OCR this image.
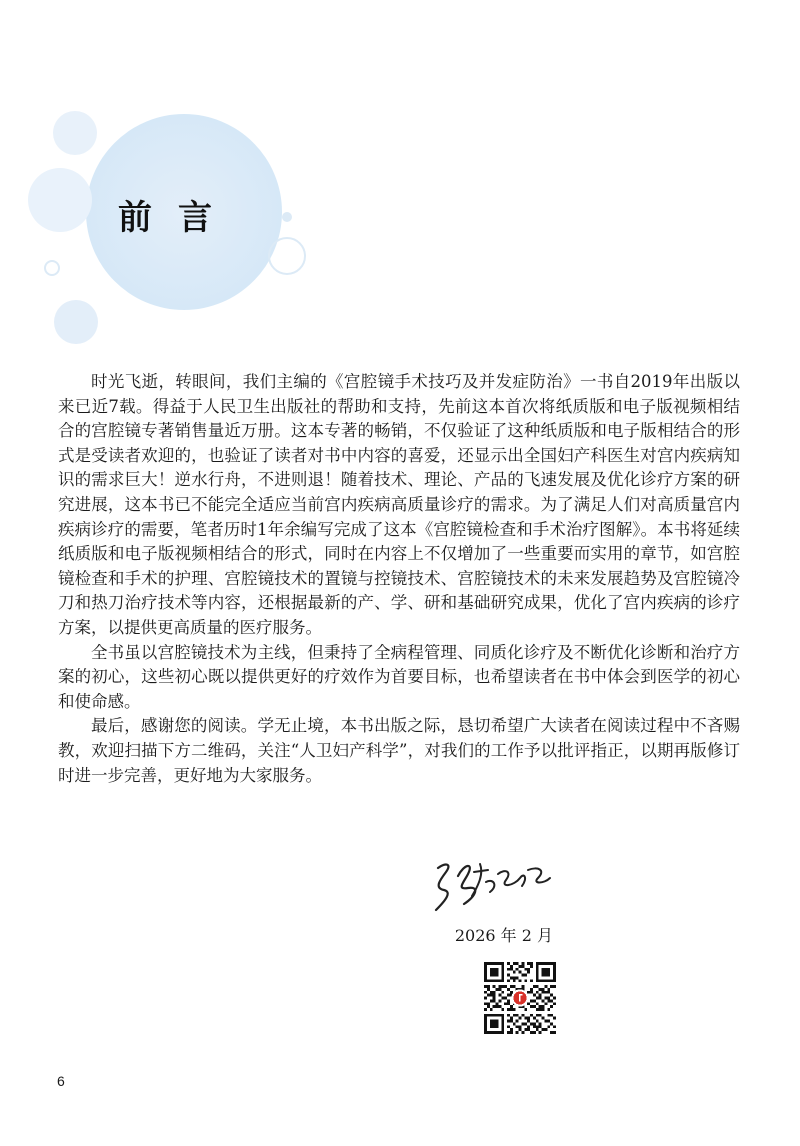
前言

时光飞逝，转眼间，我们主编的《宫腔镜手术技巧及并发症防治》一书自2019年出版以来已近7载。得益于人民卫生出版社的帮助和支持，先前这本首次将纸质版和电子版视频相结合的宫腔镜专著销售量近万册。这本专著的畅销，不仅验证了这种纸质版和电子版相结合的形式是受读者欢迎的，也验证了读者对书中内容的喜爱，还显示出全国妇产科医生对宫内疾病知识的需求巨大！逆水行舟，不进则退！随着技术、理论、产品的飞速发展及优化诊疗方案的研究进展，这本书已不能完全适应当前宫内疾病高质量诊疗的需求。为了满足人们对高质量宫内疾病诊疗的需要，笔者历时1年余编写完成了这本《宫腔镜检查和手术治疗图解》。本书将延续纸质版和电子版视频相结合的形式，同时在内容上不仅增加了一些重要而实用的章节，如宫腔镜检查和手术的护理、宫腔镜技术的置镜与控镜技术、宫腔镜技术的未来发展趋势及宫腔镜冷刀和热刀治疗技术等内容，还根据最新的产、学、研和基础研究成果，优化了宫内疾病的诊疗方案，以提供更高质量的医疗服务。

全书虽以宫腔镜技术为主线，但秉持了全病程管理、同质化诊疗及不断优化诊断和治疗方案的初心，这些初心既以提供更好的疗效作为首要目标，也希望读者在书中体会到医学的初心和使命感。

最后，感谢您的阅读。学无止境，本书出版之际，恳切希望广大读者在阅读过程中不吝赐教，欢迎扫描下方二维码，关注“人卫妇产科学”，对我们的工作予以批评指正，以期再版修订时进一步完善，更好地为大家服务。

2026 年 2 月
6
